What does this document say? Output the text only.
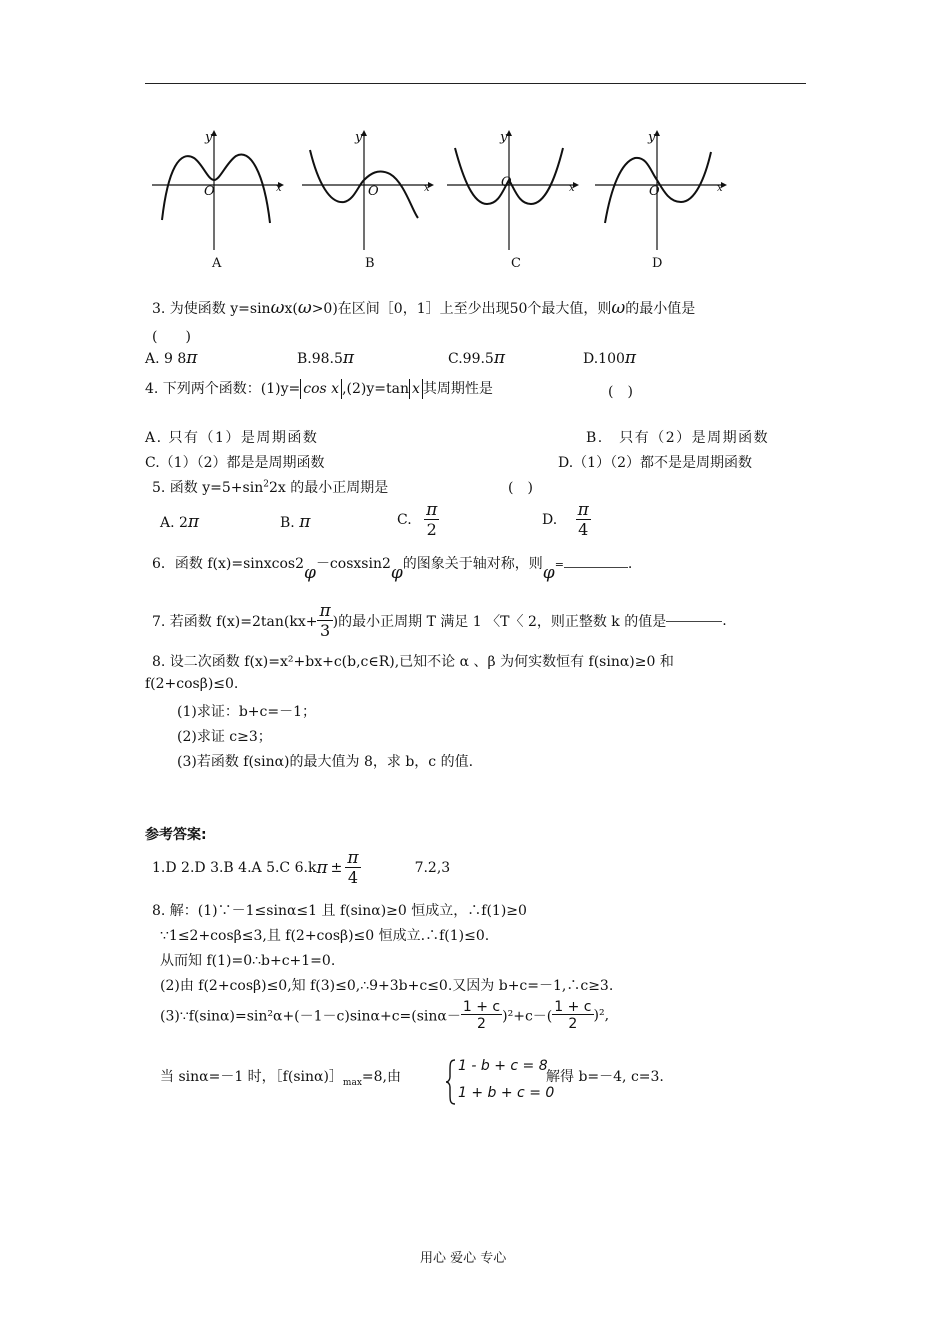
y
x
O
A
y
x
O
B
y
x
O
C
y
x
O
D
3. 为使函数 y=sinωx(ω>0)在区间［0，1］上至少出现50个最大值，则ω的最小值是
(　　)
A. 9 8π	B.98.5π	C.99.5π	D.100π
4. 下列两个函数：(1)y= cos x ,(2)y=tan x 其周期性是	(　)
A. 只有（1）是周期函数	B.　只有（2）是周期函数
C.（1）（2）都是是周期函数	D.（1）（2）都不是是周期函数
5. 函数 $y=5+\sin^22x$ 的最小正周期是	(　)
A. 2π	B. π	C. $\frac{\pi}{2}$	D. $\frac{\pi}{4}$
6．函数 f(x)=sinxcos2φ－cosxsin2φ的图象关于轴对称，则φ=	.
7. 若函数 $f(x)=2\tan(kx+ \frac{\pi}{3}$ )的最小正周期 T 满足 1 〈T〈 2，则正整数 k 的值是	.
8. 设二次函数 f(x)=x²+bx+c(b,c∈R),已知不论 α 、β 为何实数恒有 f(sinα)≥0 和
f(2+cosβ)≤0.
(1)求证：b+c=－1；
(2)求证 c≥3；
(3)若函数 f(sinα)的最大值为 8，求 b，c 的值.
参考答案:
1.D 2.D 3.B 4.A 5.C $6.k\pi \pm \frac{\pi}{4}$	7.2,3
8. 解：(1)∵－1≤sinα≤1 且 f(sinα)≥0 恒成立，∴f(1)≥0
∵1≤2+cosβ≤3,且 f(2+cosβ)≤0 恒成立.∴f(1)≤0.
从而知 f(1)=0∴b+c+1=0.
(2)由 f(2+cosβ)≤0,知 f(3)≤0,∴9+3b+c≤0.又因为 b+c=－1,∴c≥3.
(3)∵f(sinα)=sin²α+(－1－c)sinα+c=(sinα－ $\frac{1 + c}{2} )^2+c-( \frac{1 + c}{2} )^2$,
当 sinα=－1 时，$[f(\sin\alpha)]_{max}=8$,由
1 - b + c = 8
1 + b + c = 0
解得 b=－4, c=3.
用心 爱心 专心
